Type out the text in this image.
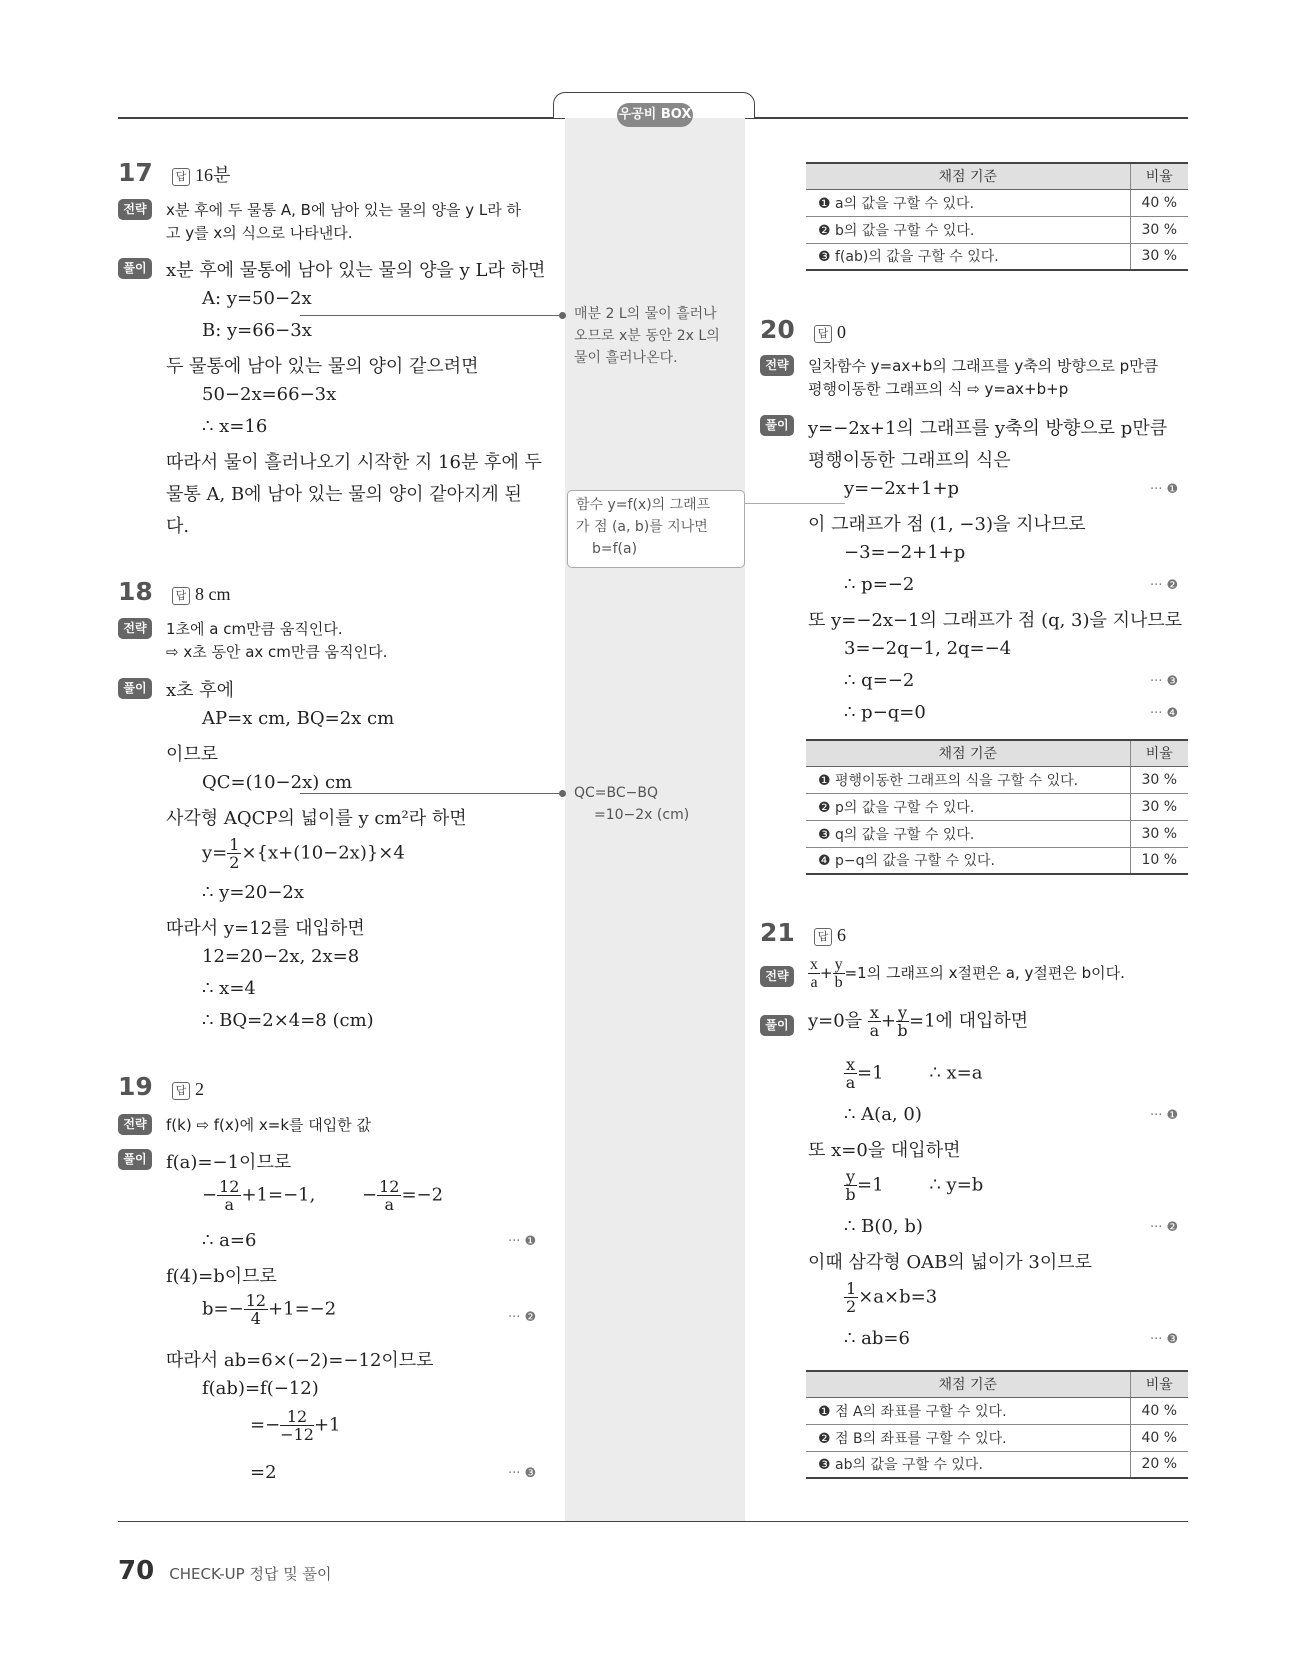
우공비 BOX
17 답 16분
전략	x분 후에 두 물통 A, B에 남아 있는 물의 양을 y L라 하
고 y를 x의 식으로 나타낸다.
풀이	x분 후에 물통에 남아 있는 물의 양을 y L라 하면
A: y=50−2x
B: y=66−3x
두 물통에 남아 있는 물의 양이 같으려면
50−2x=66−3x
∴ x=16
따라서 물이 흘러나오기 시작한 지 16분 후에 두
물통 A, B에 남아 있는 물의 양이 같아지게 된
다.
매분 2 L의 물이 흘러나
오므로 x분 동안 2x L의
물이 흘러나온다.
함수 y=f(x)의 그래프
가 점 (a, b)를 지나면
b=f(a)
18 답 8 cm
전략	1초에 a cm만큼 움직인다.
⇨ x초 동안 ax cm만큼 움직인다.
풀이	x초 후에
AP=x cm, BQ=2x cm
이므로
QC=(10−2x) cm
사각형 AQCP의 넓이를 y cm²라 하면
$y= \frac{1}{2} \times\{x+(10-2x)\}\times 4$
∴ y=20−2x
따라서 y=12를 대입하면
12=20−2x, 2x=8
∴ x=4
∴ BQ=2×4=8 (cm)
QC=BC−BQ
=10−2x (cm)
19 답 2
전략	f(k) ⇨ f(x)에 x=k를 대입한 값
풀이	f(a)=−1이므로
− $\frac{12}{a} +1=-1$,	− $\frac{12}{a} =-2$
∴ a=6	··· ❶
f(4)=b이므로
$b=- \frac{12}{4} +1=-2$	··· ❷
따라서 ab=6×(−2)=−12이므로
f(ab)=f(−12)
=− $\frac{12}{-12} +1$
=2	··· ❸
채점 기준	비율
❶ a의 값을 구할 수 있다.	40 %
❷ b의 값을 구할 수 있다.	30 %
❸ f(ab)의 값을 구할 수 있다.	30 %
20 답 0
전략	일차함수 y=ax+b의 그래프를 y축의 방향으로 p만큼
평행이동한 그래프의 식 ⇨ y=ax+b+p
풀이	y=−2x+1의 그래프를 y축의 방향으로 p만큼
평행이동한 그래프의 식은
y=−2x+1+p	··· ❶
이 그래프가 점 (1, −3)을 지나므로
−3=−2+1+p
∴ p=−2	··· ❷
또 y=−2x−1의 그래프가 점 (q, 3)을 지나므로
3=−2q−1, 2q=−4
∴ q=−2	··· ❸
∴ p−q=0	··· ❹
채점 기준	비율
❶ 평행이동한 그래프의 식을 구할 수 있다.	30 %
❷ p의 값을 구할 수 있다.	30 %
❸ q의 값을 구할 수 있다.	30 %
❹ p−q의 값을 구할 수 있다.	10 %
21 답 6
전략	$\frac{x}{a} + \frac{y}{b} =1$의 그래프의 x절편은 a, y절편은 b이다.
풀이	y=0을 $\frac{x}{a} + \frac{y}{b} =1$에 대입하면
$\frac{x}{a} =1$        ∴ x=a
∴ A(a, 0)	··· ❶
또 x=0을 대입하면
$\frac{y}{b} =1$        ∴ y=b
∴ B(0, b)	··· ❷
이때 삼각형 OAB의 넓이가 3이므로
$\frac{1}{2} \times a\times b=3$
∴ ab=6	··· ❸
채점 기준	비율
❶ 점 A의 좌표를 구할 수 있다.	40 %
❷ 점 B의 좌표를 구할 수 있다.	40 %
❸ ab의 값을 구할 수 있다.	20 %
70 CHECK-UP 정답 및 풀이
